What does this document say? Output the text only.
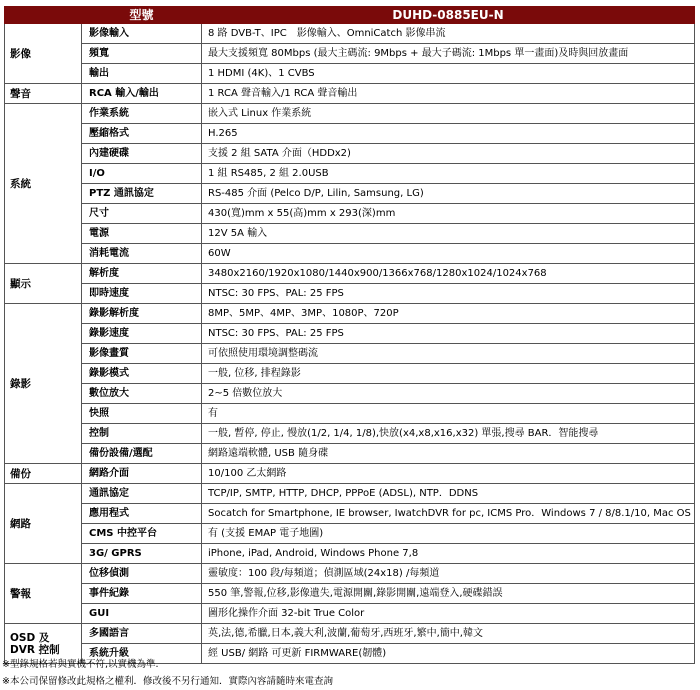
	型號	DUHD-0885EU-N
影像	影像輸入	8 路 DVB-T、IPC　影像輸入、OmniCatch 影像串流
	頻寬	最大支援頻寬 80Mbps (最大主碼流: 9Mbps + 最大子碼流: 1Mbps 單一畫面)及時與回放畫面
	輸出	1 HDMI (4K)、1 CVBS
聲音	RCA 輸入/輸出	1 RCA 聲音輸入/1 RCA 聲音輸出
系統	作業系統	嵌入式 Linux 作業系統
	壓縮格式	H.265
	內建硬碟	支援 2 組 SATA 介面（HDDx2)
	I/O	1 組 RS485, 2 組 2.0USB
	PTZ 通訊協定	RS-485 介面 (Pelco D/P, Lilin, Samsung, LG)
	尺寸	430(寬)mm x 55(高)mm x 293(深)mm
	電源	12V 5A 輸入
	消耗電流	60W
顯示	解析度	3480x2160/1920x1080/1440x900/1366x768/1280x1024/1024x768
	即時速度	NTSC: 30 FPS、PAL: 25 FPS
錄影	錄影解析度	8MP、5MP、4MP、3MP、1080P、720P
	錄影速度	NTSC: 30 FPS、PAL: 25 FPS
	影像畫質	可依照使用環境調整碼流
	錄影模式	一般, 位移, 排程錄影
	數位放大	2~5 倍數位放大
	快照	有
	控制	一般, 暫停, 停止, 慢放(1/2, 1/4, 1/8),快放(x4,x8,x16,x32) 單張,搜尋 BAR．智能搜尋
	備份設備/選配	網路遠端軟體, USB 隨身碟
備份	網路介面	10/100 乙太網路
網路	通訊協定	TCP/IP, SMTP, HTTP, DHCP, PPPoE (ADSL), NTP．DDNS
	應用程式	Socatch for Smartphone, IE browser, IwatchDVR for pc, ICMS Pro．Windows 7 / 8/8.1/10, Mac OS
	CMS 中控平台	有 (支援 EMAP 電子地圖)
	3G/ GPRS	iPhone, iPad, Android, Windows Phone 7,8
警報	位移偵測	靈敏度：100 段/每頻道；偵測區域(24x18) /每頻道
	事件紀錄	550 筆,警報,位移,影像遺失,電源開關,錄影開關,遠端登入,硬碟錯誤
	GUI	圖形化操作介面 32-bit True Color

OSD 及
DVR 控制	多國語言	英,法,德,希臘,日本,義大利,波蘭,葡萄牙,西班牙,繁中,簡中,韓文
	系統升級	經 USB/ 網路 可更新 FIRMWARE(韌體)
※型錄規格若與實機不符,以實機為準.
※本公司保留修改此規格之權利．修改後不另行通知．實際內容請隨時來電查詢
